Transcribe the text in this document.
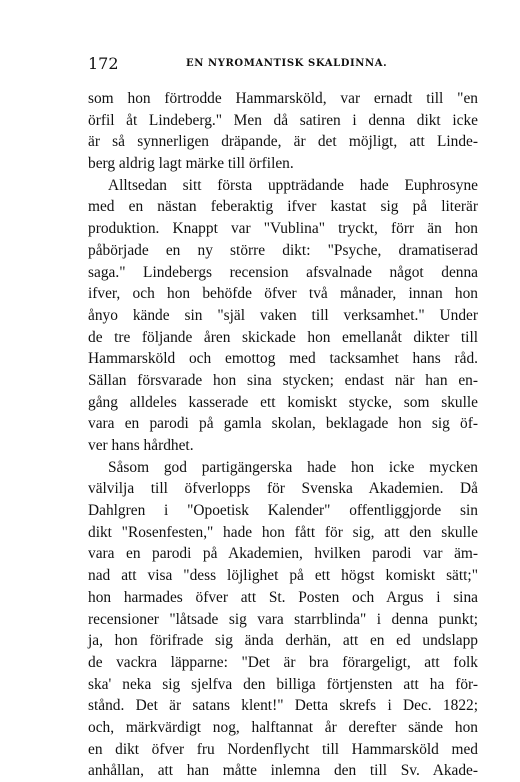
172	EN NYROMANTISK SKALDINNA.
som hon förtrodde Hammarsköld, var ernadt till "en
örfil åt Lindeberg." Men då satiren i denna dikt icke
är så synnerligen dräpande, är det möjligt, att Linde-
berg aldrig lagt märke till örfilen.
Alltsedan sitt första uppträdande hade Euphrosyne
med en nästan feberaktig ifver kastat sig på literär
produktion. Knappt var "Vublina" tryckt, förr än hon
påbörjade en ny större dikt: "Psyche, dramatiserad
saga." Lindebergs recension afsvalnade något denna
ifver, och hon behöfde öfver två månader, innan hon
ånyo kände sin "själ vaken till verksamhet." Under
de tre följande åren skickade hon emellanåt dikter till
Hammarsköld och emottog med tacksamhet hans råd.
Sällan försvarade hon sina stycken; endast när han en-
gång alldeles kasserade ett komiskt stycke, som skulle
vara en parodi på gamla skolan, beklagade hon sig öf-
ver hans hårdhet.
Såsom god partigängerska hade hon icke mycken
välvilja till öfverlopps för Svenska Akademien. Då
Dahlgren i "Opoetisk Kalender" offentliggjorde sin
dikt "Rosenfesten," hade hon fått för sig, att den skulle
vara en parodi på Akademien, hvilken parodi var äm-
nad att visa "dess löjlighet på ett högst komiskt sätt;"
hon harmades öfver att St. Posten och Argus i sina
recensioner "låtsade sig vara starrblinda" i denna punkt;
ja, hon förifrade sig ända derhän, att en ed undslapp
de vackra läpparne: "Det är bra förargeligt, att folk
ska' neka sig sjelfva den billiga förtjensten att ha för-
stånd. Det är satans klent!" Detta skrefs i Dec. 1822;
och, märkvärdigt nog, halftannat år derefter sände hon
en dikt öfver fru Nordenflycht till Hammarsköld med
anhållan, att han måtte inlemna den till Sv. Akade-
